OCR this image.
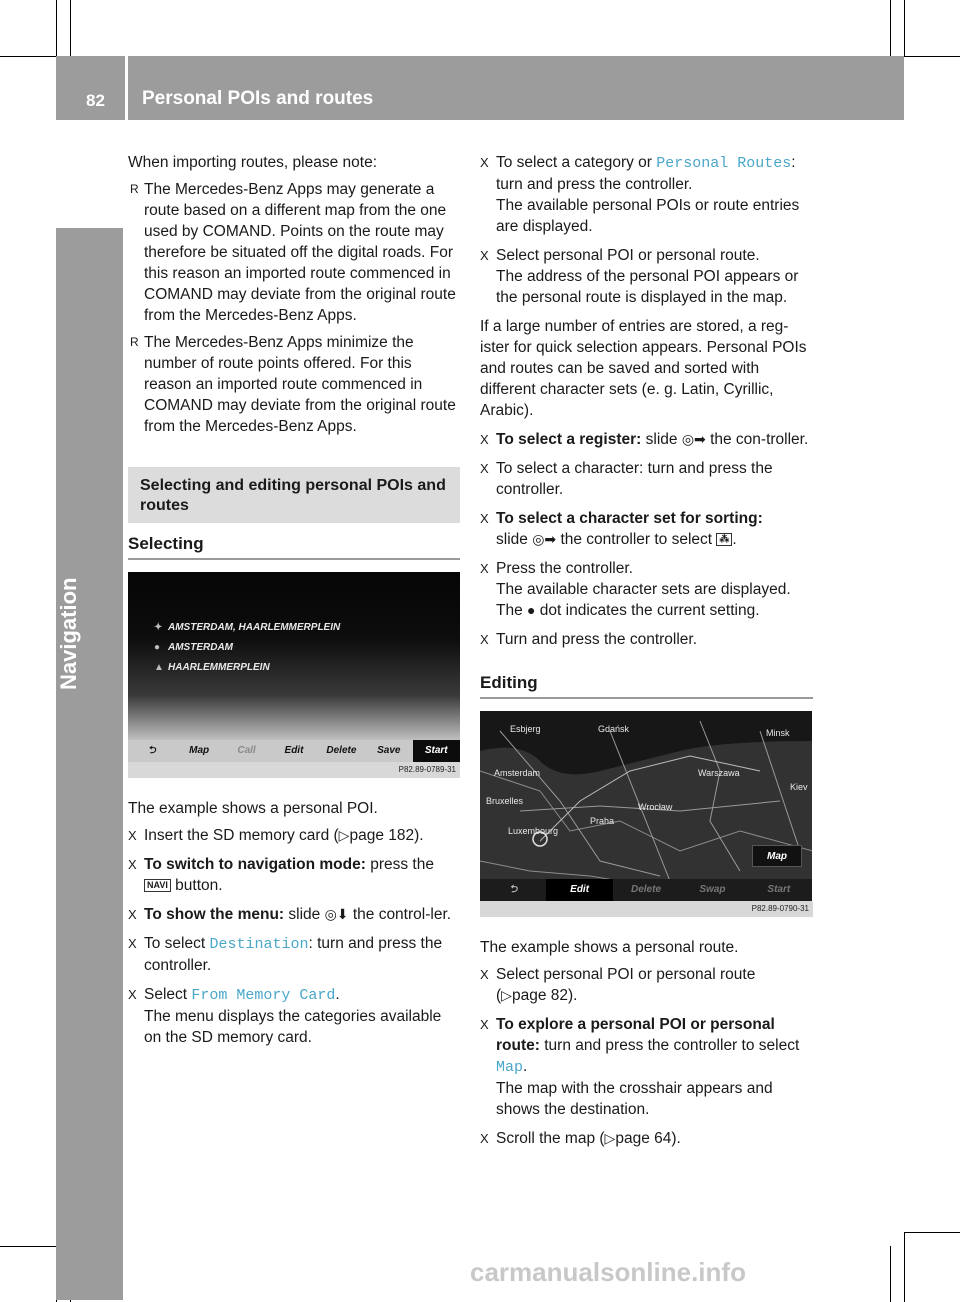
82 Personal POIs and routes
Navigation

When importing routes, please note:

R The Mercedes-Benz Apps may generate a route based on a different map from the one used by COMAND. Points on the route may therefore be situated off the digital roads. For this reason an imported route commenced in COMAND may deviate from the original route from the Mercedes-Benz Apps.
R The Mercedes-Benz Apps minimize the number of route points offered. For this reason an imported route commenced in COMAND may deviate from the original route from the Mercedes-Benz Apps.
Selecting and editing personal POIs and routes
Selecting
✦ AMSTERDAM, HAARLEMMERPLEIN
● AMSTERDAM
▲ HAARLEMMERPLEIN
⮌	Map	Call	Edit	Delete	Save	Start
P82.89-0789-31

The example shows a personal POI.

X Insert the SD memory card (▷page 182).
X To switch to navigation mode: press the NAVI button.
X To show the menu: slide ◎⬇ the control-ler.
X To select Destination: turn and press the controller.
X Select From Memory Card.
The menu displays the categories available on the SD memory card.
X To select a category or Personal Routes: turn and press the controller.
The available personal POIs or route entries are displayed.
X Select personal POI or personal route.
The address of the personal POI appears or the personal route is displayed in the map.

If a large number of entries are stored, a reg-ister for quick selection appears. Personal POIs and routes can be saved and sorted with different character sets (e. g. Latin, Cyrillic, Arabic).

X To select a register: slide ◎➡ the con-troller.
X To select a character: turn and press the controller.
X To select a character set for sorting:
slide ◎➡ the controller to select ⁂ .
X Press the controller.
The available character sets are displayed.
The ● dot indicates the current setting.
X Turn and press the controller.
Editing
Esbjerg	Gdańsk
Amsterdam	Warszawa
Bruxelles
Wrocław
Luxembourg
Praha
Minsk
Kiev
Map
⮌	Edit	Delete	Swap	Start
P82.89-0790-31

The example shows a personal route.

X Select personal POI or personal route
(▷page 82).
X To explore a personal POI or personal route: turn and press the controller to select Map.
The map with the crosshair appears and shows the destination.
X Scroll the map (▷page 64).
carmanualsonline.info
